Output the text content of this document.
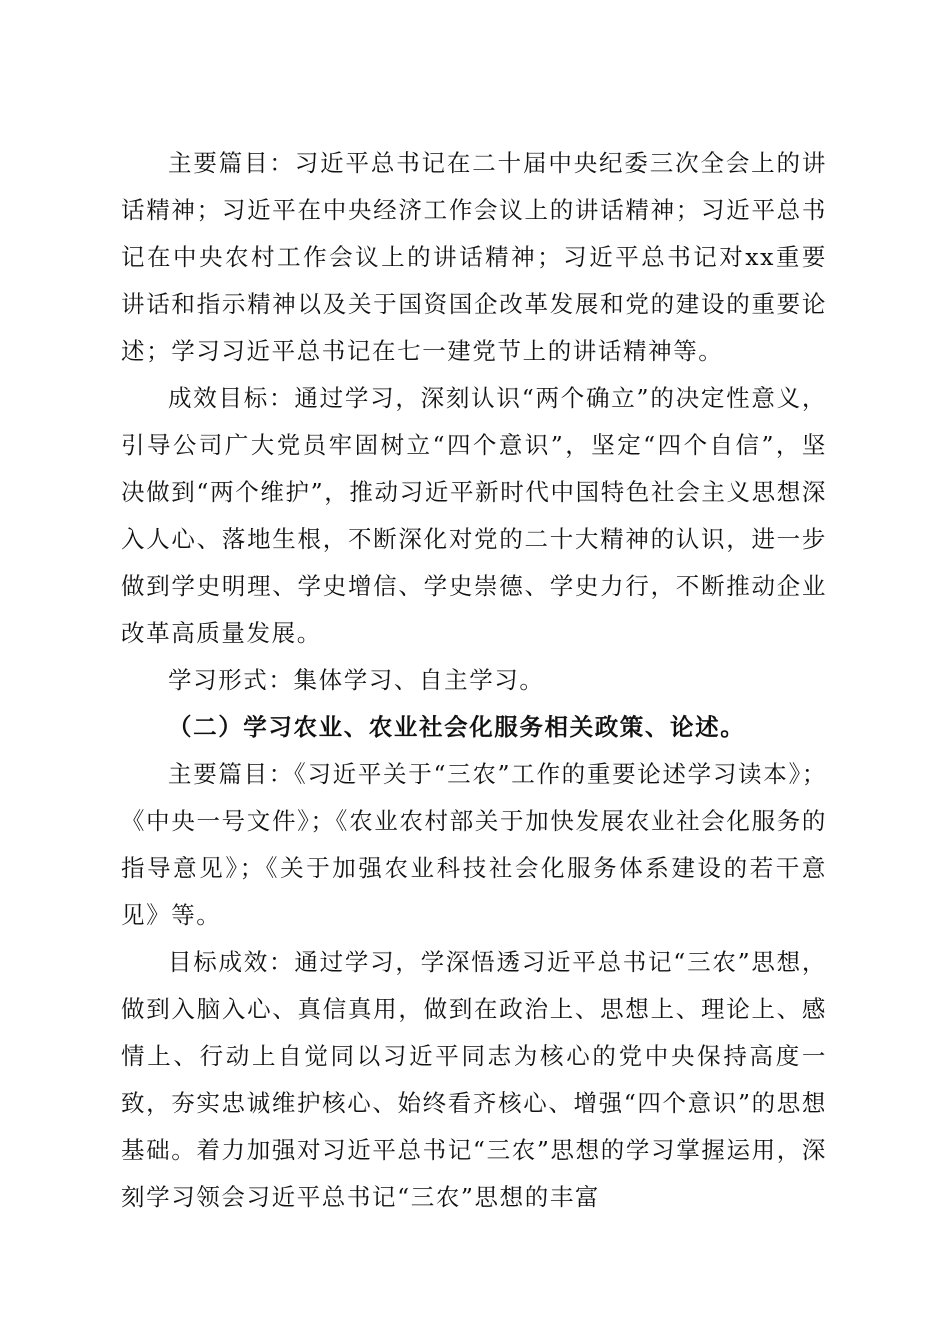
主要篇目：习近平总书记在二十届中央纪委三次全会上的讲话精神；习近平在中央经济工作会议上的讲话精神；习近平总书记在中央农村工作会议上的讲话精神；习近平总书记对xx重要讲话和指示精神以及关于国资国企改革发展和党的建设的重要论述；学习习近平总书记在七一建党节上的讲话精神等。

成效目标：通过学习，深刻认识“两个确立”的决定性意义，引导公司广大党员牢固树立“四个意识”，坚定“四个自信”，坚决做到“两个维护”，推动习近平新时代中国特色社会主义思想深入人心、落地生根，不断深化对党的二十大精神的认识，进一步做到学史明理、学史增信、学史崇德、学史力行，不断推动企业改革高质量发展。

学习形式：集体学习、自主学习。

（二）学习农业、农业社会化服务相关政策、论述。

主要篇目：《习近平关于“三农”工作的重要论述学习读本》；《中央一号文件》；《农业农村部关于加快发展农业社会化服务的指导意见》；《关于加强农业科技社会化服务体系建设的若干意见》等。

目标成效：通过学习，学深悟透习近平总书记“三农”思想，做到入脑入心、真信真用，做到在政治上、思想上、理论上、感情上、行动上自觉同以习近平同志为核心的党中央保持高度一致，夯实忠诚维护核心、始终看齐核心、增强“四个意识”的思想基础。着力加强对习近平总书记“三农”思想的学习掌握运用，深刻学习领会习近平总书记“三农”思想的丰富
